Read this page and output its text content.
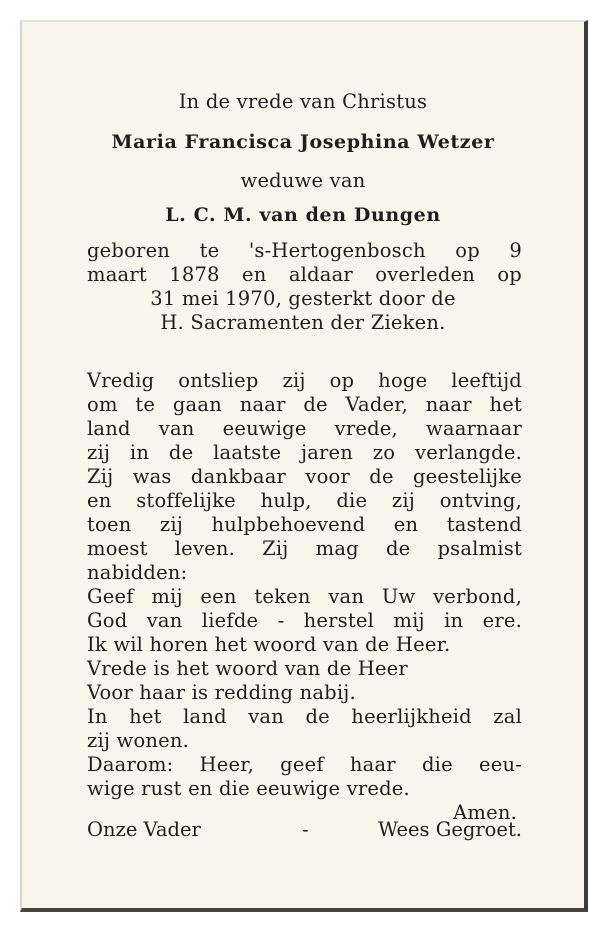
In de vrede van Christus
Maria Francisca Josephina Wetzer
weduwe van
L. C. M. van den Dungen
geboren te 's-Hertogenbosch op 9
maart 1878 en aldaar overleden op
31 mei 1970, gesterkt door de
H. Sacramenten der Zieken.
Vredig ontsliep zij op hoge leeftijd
om te gaan naar de Vader, naar het
land van eeuwige vrede, waarnaar
zij in de laatste jaren zo verlangde.
Zij was dankbaar voor de geestelijke
en stoffelijke hulp, die zij ontving,
toen zij hulpbehoevend en tastend
moest leven. Zij mag de psalmist
nabidden:
Geef mij een teken van Uw verbond,
God van liefde - herstel mij in ere.
Ik wil horen het woord van de Heer.
Vrede is het woord van de Heer
Voor haar is redding nabij.
In het land van de heerlijkheid zal
zij wonen.
Daarom: Heer, geef haar die eeu-
wige rust en die eeuwige vrede.
Amen.
Onze Vader	-	Wees Gegroet.
